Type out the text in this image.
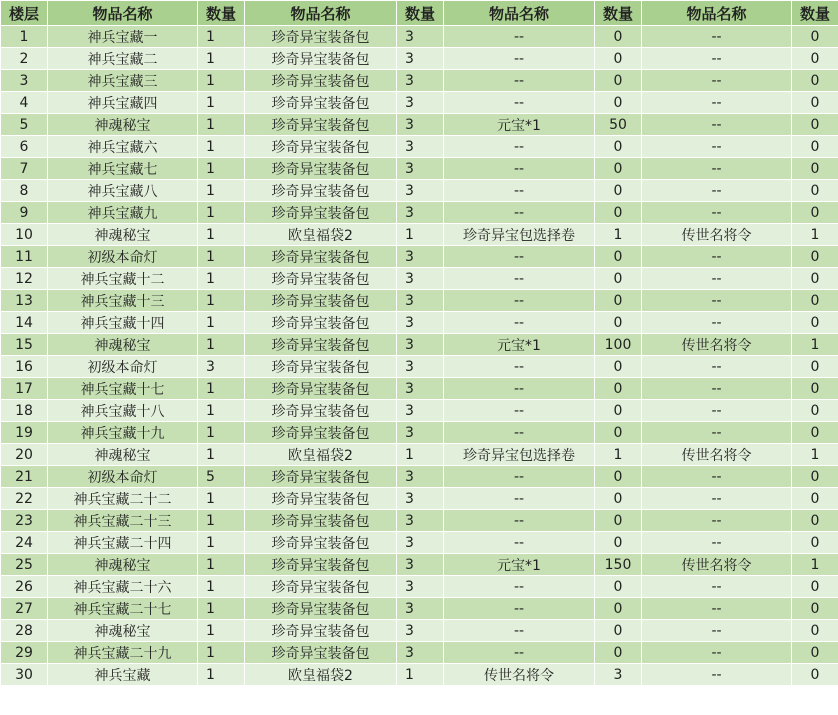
楼层	物品名称	数量	物品名称	数量	物品名称	数量	物品名称	数量
1	神兵宝藏一	1	珍奇异宝装备包	3	--	0	--	0
2	神兵宝藏二	1	珍奇异宝装备包	3	--	0	--	0
3	神兵宝藏三	1	珍奇异宝装备包	3	--	0	--	0
4	神兵宝藏四	1	珍奇异宝装备包	3	--	0	--	0
5	神魂秘宝	1	珍奇异宝装备包	3	元宝*1	50	--	0
6	神兵宝藏六	1	珍奇异宝装备包	3	--	0	--	0
7	神兵宝藏七	1	珍奇异宝装备包	3	--	0	--	0
8	神兵宝藏八	1	珍奇异宝装备包	3	--	0	--	0
9	神兵宝藏九	1	珍奇异宝装备包	3	--	0	--	0
10	神魂秘宝	1	欧皇福袋2	1	珍奇异宝包选择卷	1	传世名将令	1
11	初级本命灯	1	珍奇异宝装备包	3	--	0	--	0
12	神兵宝藏十二	1	珍奇异宝装备包	3	--	0	--	0
13	神兵宝藏十三	1	珍奇异宝装备包	3	--	0	--	0
14	神兵宝藏十四	1	珍奇异宝装备包	3	--	0	--	0
15	神魂秘宝	1	珍奇异宝装备包	3	元宝*1	100	传世名将令	1
16	初级本命灯	3	珍奇异宝装备包	3	--	0	--	0
17	神兵宝藏十七	1	珍奇异宝装备包	3	--	0	--	0
18	神兵宝藏十八	1	珍奇异宝装备包	3	--	0	--	0
19	神兵宝藏十九	1	珍奇异宝装备包	3	--	0	--	0
20	神魂秘宝	1	欧皇福袋2	1	珍奇异宝包选择卷	1	传世名将令	1
21	初级本命灯	5	珍奇异宝装备包	3	--	0	--	0
22	神兵宝藏二十二	1	珍奇异宝装备包	3	--	0	--	0
23	神兵宝藏二十三	1	珍奇异宝装备包	3	--	0	--	0
24	神兵宝藏二十四	1	珍奇异宝装备包	3	--	0	--	0
25	神魂秘宝	1	珍奇异宝装备包	3	元宝*1	150	传世名将令	1
26	神兵宝藏二十六	1	珍奇异宝装备包	3	--	0	--	0
27	神兵宝藏二十七	1	珍奇异宝装备包	3	--	0	--	0
28	神魂秘宝	1	珍奇异宝装备包	3	--	0	--	0
29	神兵宝藏二十九	1	珍奇异宝装备包	3	--	0	--	0
30	神兵宝藏	1	欧皇福袋2	1	传世名将令	3	--	0
